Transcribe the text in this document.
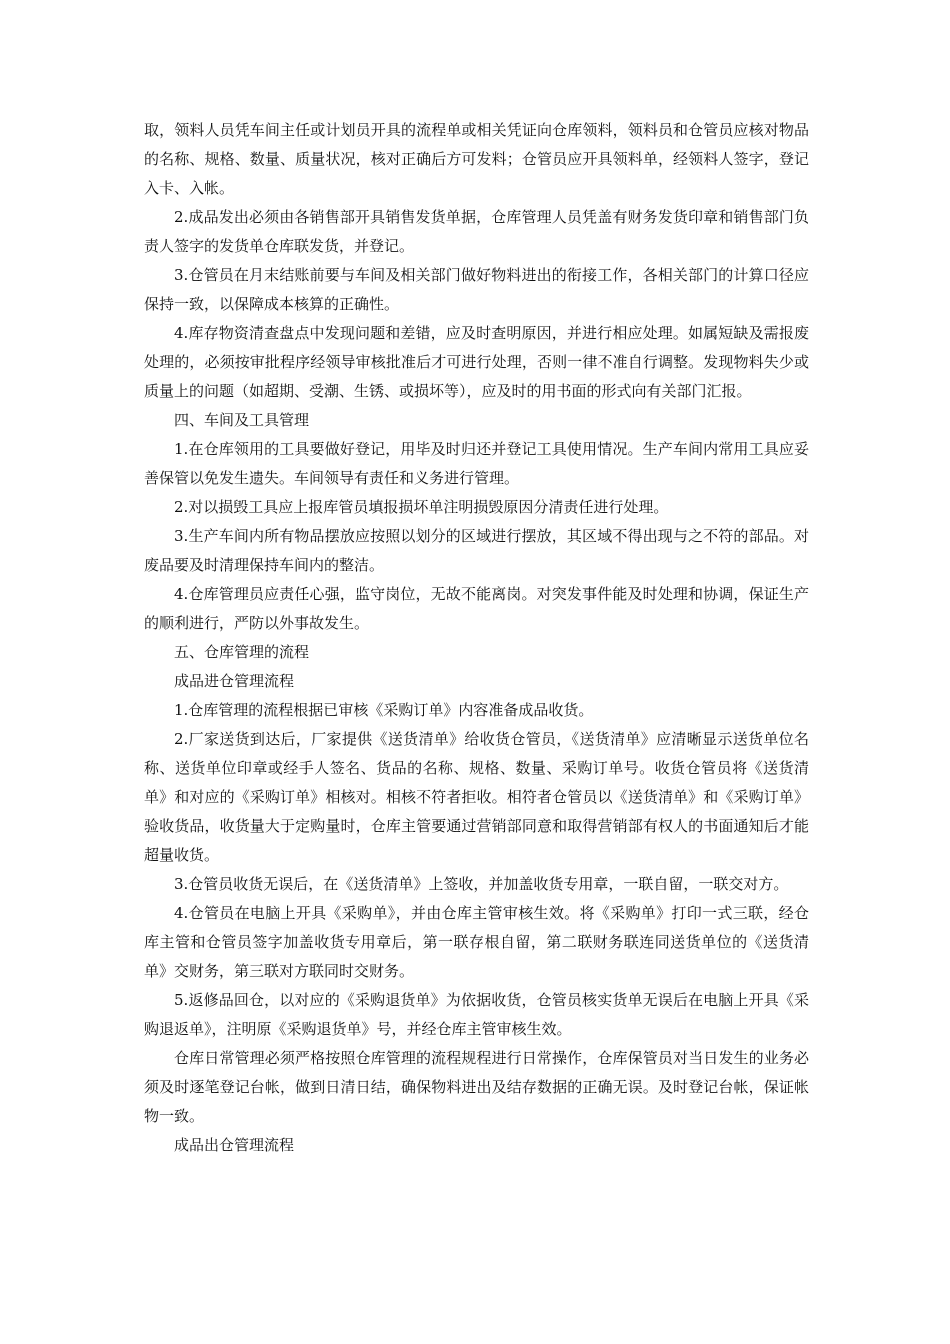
取，领料人员凭车间主任或计划员开具的流程单或相关凭证向仓库领料，领料员和仓管员应核对物品的名称、规格、数量、质量状况，核对正确后方可发料；仓管员应开具领料单，经领料人签字，登记入卡、入帐。

2.成品发出必须由各销售部开具销售发货单据，仓库管理人员凭盖有财务发货印章和销售部门负责人签字的发货单仓库联发货，并登记。

3.仓管员在月末结账前要与车间及相关部门做好物料进出的衔接工作，各相关部门的计算口径应保持一致，以保障成本核算的正确性。

4.库存物资清查盘点中发现问题和差错，应及时查明原因，并进行相应处理。如属短缺及需报废处理的，必须按审批程序经领导审核批准后才可进行处理，否则一律不准自行调整。发现物料失少或质量上的问题（如超期、受潮、生锈、或损坏等），应及时的用书面的形式向有关部门汇报。

四、车间及工具管理

1.在仓库领用的工具要做好登记，用毕及时归还并登记工具使用情况。生产车间内常用工具应妥善保管以免发生遗失。车间领导有责任和义务进行管理。

2.对以损毁工具应上报库管员填报损坏单注明损毁原因分清责任进行处理。

3.生产车间内所有物品摆放应按照以划分的区域进行摆放，其区域不得出现与之不符的部品。对废品要及时清理保持车间内的整洁。

4.仓库管理员应责任心强，监守岗位，无故不能离岗。对突发事件能及时处理和协调，保证生产的顺利进行，严防以外事故发生。

五、仓库管理的流程

成品进仓管理流程

1.仓库管理的流程根据已审核《采购订单》内容准备成品收货。

2.厂家送货到达后，厂家提供《送货清单》给收货仓管员，《送货清单》应清晰显示送货单位名称、送货单位印章或经手人签名、货品的名称、规格、数量、采购订单号。收货仓管员将《送货清单》和对应的《采购订单》相核对。相核不符者拒收。相符者仓管员以《送货清单》和《采购订单》验收货品，收货量大于定购量时，仓库主管要通过营销部同意和取得营销部有权人的书面通知后才能超量收货。

3.仓管员收货无误后，在《送货清单》上签收，并加盖收货专用章，一联自留，一联交对方。

4.仓管员在电脑上开具《采购单》，并由仓库主管审核生效。将《采购单》打印一式三联，经仓库主管和仓管员签字加盖收货专用章后，第一联存根自留，第二联财务联连同送货单位的《送货清单》交财务，第三联对方联同时交财务。

5.返修品回仓，以对应的《采购退货单》为依据收货，仓管员核实货单无误后在电脑上开具《采购退返单》，注明原《采购退货单》号，并经仓库主管审核生效。

仓库日常管理必须严格按照仓库管理的流程规程进行日常操作，仓库保管员对当日发生的业务必须及时逐笔登记台帐，做到日清日结，确保物料进出及结存数据的正确无误。及时登记台帐，保证帐物一致。

成品出仓管理流程
